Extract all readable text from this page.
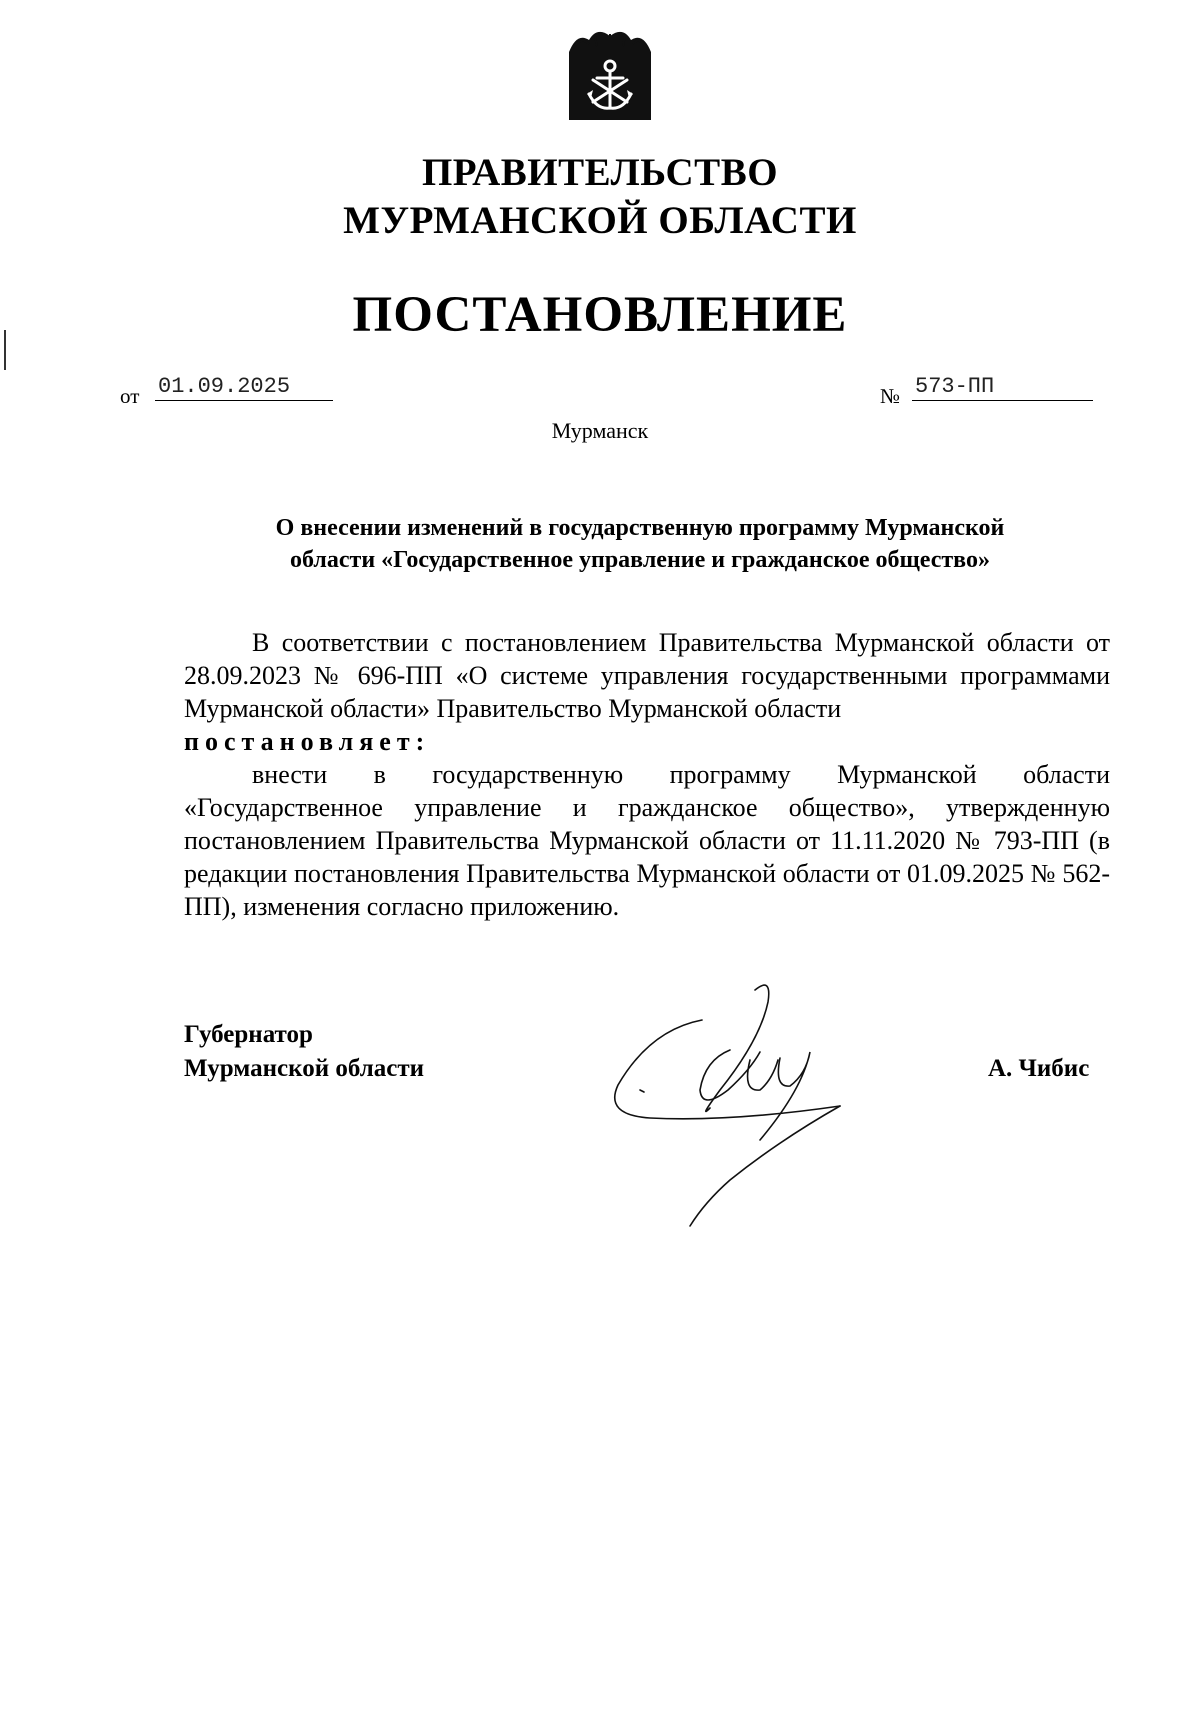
ПРАВИТЕЛЬСТВО
МУРМАНСКОЙ ОБЛАСТИ
ПОСТАНОВЛЕНИЕ
от 01.09.2025	№ 573-ПП
Мурманск
О внесении изменений в государственную программу Мурманской
области «Государственное управление и гражданское общество»

В соответствии с постановлением Правительства Мурманской области от 28.09.2023 № 696-ПП «О системе управления государственными программами Мурманской области» Правительство Мурманской области

постановляет:

внести в государственную программу Мурманской области «Государственное управление и гражданское общество», утвержденную постановлением Правительства Мурманской области от 11.11.2020 № 793-ПП (в редакции постановления Правительства Мурманской области от 01.09.2025 № 562-ПП), изменения согласно приложению.

Губернатор
Мурманской области	А. Чибис
